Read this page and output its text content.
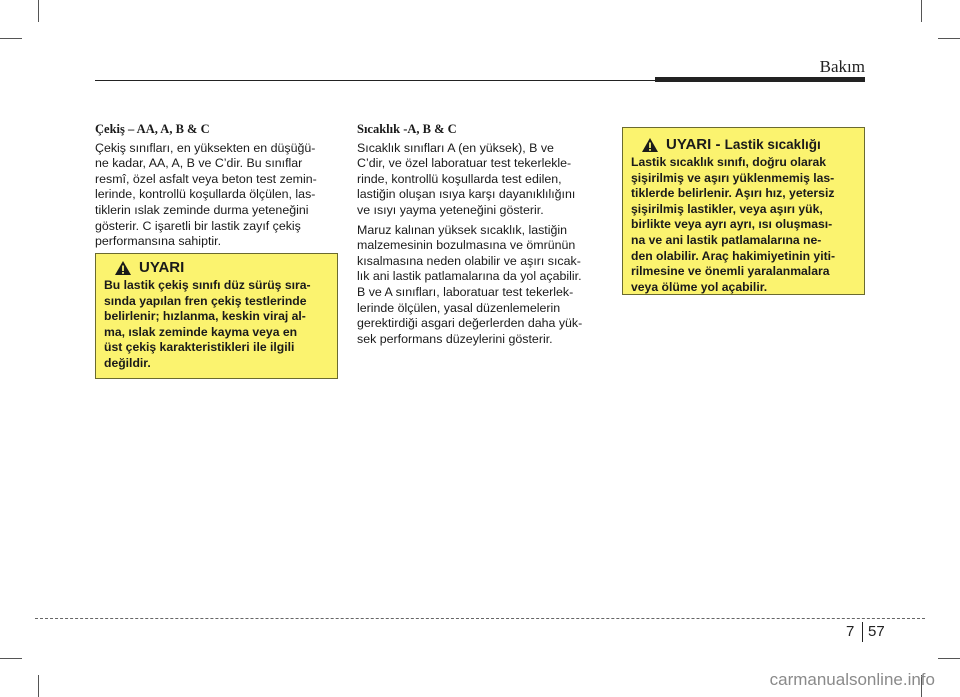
Bakım
Çekiş – AA, A, B & C
Çekiş sınıfları, en yüksekten en düşüğü-
ne kadar, AA, A, B ve C’dir. Bu sınıflar
resmî, özel asfalt veya beton test zemin-
lerinde, kontrollü koşullarda ölçülen, las-
tiklerin ıslak zeminde durma yeteneğini
gösterir. C işaretli bir lastik zayıf çekiş
performansına sahiptir.
UYARI
Bu lastik çekiş sınıfı düz sürüş sıra-
sında yapılan fren çekiş testlerinde
belirlenir; hızlanma, keskin viraj al-
ma, ıslak zeminde kayma veya en
üst çekiş karakteristikleri ile ilgili
değildir.
Sıcaklık -A, B & C
Sıcaklık sınıfları A (en yüksek), B ve
C’dir, ve özel laboratuar test tekerlekle-
rinde, kontrollü koşullarda test edilen,
lastiğin oluşan ısıya karşı dayanıklılığını
ve ısıyı yayma yeteneğini gösterir.
Maruz kalınan yüksek sıcaklık, lastiğin
malzemesinin bozulmasına ve ömrünün
kısalmasına neden olabilir ve aşırı sıcak-
lık ani lastik patlamalarına da yol açabilir.
B ve A sınıfları, laboratuar test tekerlek-
lerinde ölçülen, yasal düzenlemelerin
gerektirdiği asgari değerlerden daha yük-
sek performans düzeylerini gösterir.
UYARI - Lastik sıcaklığı
Lastik sıcaklık sınıfı, doğru olarak
şişirilmiş ve aşırı yüklenmemiş las-
tiklerde belirlenir. Aşırı hız, yetersiz
şişirilmiş lastikler, veya aşırı yük,
birlikte veya ayrı ayrı, ısı oluşması-
na ve ani lastik patlamalarına ne-
den olabilir. Araç hakimiyetinin yiti-
rilmesine ve önemli yaralanmalara
veya ölüme yol açabilir.
7 57
carmanualsonline.info
